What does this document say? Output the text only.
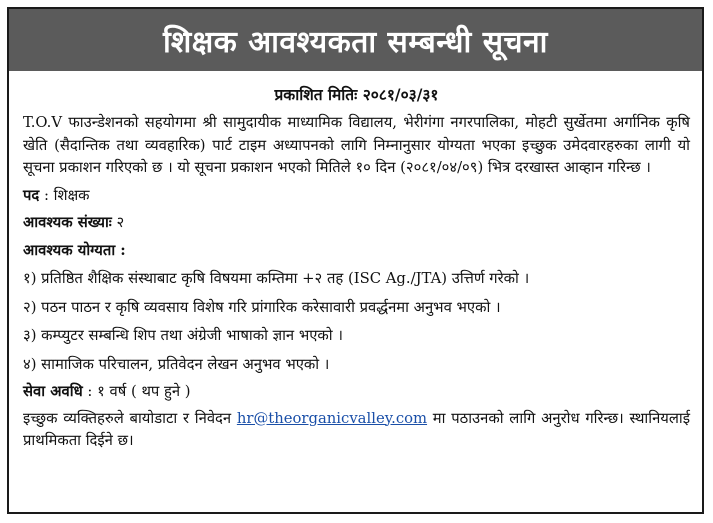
शिक्षक आवश्यकता सम्बन्धी सूचना
प्रकाशित मितिः २०८१/०३/३१

T.O.V फाउन्डेशनको सहयोगमा श्री सामुदायीक माध्यामिक विद्यालय, भेरीगंगा नगरपालिका, मोहटी सुर्खेतमा अर्गानिक कृषि खेति (सैदान्तिक तथा व्यवहारिक) पार्ट टाइम अध्यापनको लागि निम्नानुसार योग्यता भएका इच्छुक उमेदवारहरुका लागी यो सूचना प्रकाशन गरिएको छ । यो सूचना प्रकाशन भएको मितिले १० दिन (२०८१/०४/०९) भित्र दरखास्त आव्हान गरिन्छ ।

पद : शिक्षक
आवश्यक संख्याः २
आवश्यक योग्यता :
१) प्रतिष्ठित शैक्षिक संस्थाबाट कृषि विषयमा कम्तिमा +२ तह (ISC Ag./JTA) उत्तिर्ण गरेको ।
२) पठन पाठन र कृषि व्यवसाय विशेष गरि प्रांगारिक करेसावारी प्रवर्द्धनमा अनुभव भएको ।
३) कम्प्युटर सम्बन्धि शिप तथा अंग्रेजी भाषाको ज्ञान भएको ।
४) सामाजिक परिचालन, प्रतिवेदन लेखन अनुभव भएको ।
सेवा अवधि : १ वर्ष ( थप हुने )

इच्छुक व्यक्तिहरुले बायोडाटा र निवेदन hr@theorganicvalley.com मा पठाउनको लागि अनुरोध गरिन्छ। स्थानियलाई प्राथमिकता दिईने छ।
